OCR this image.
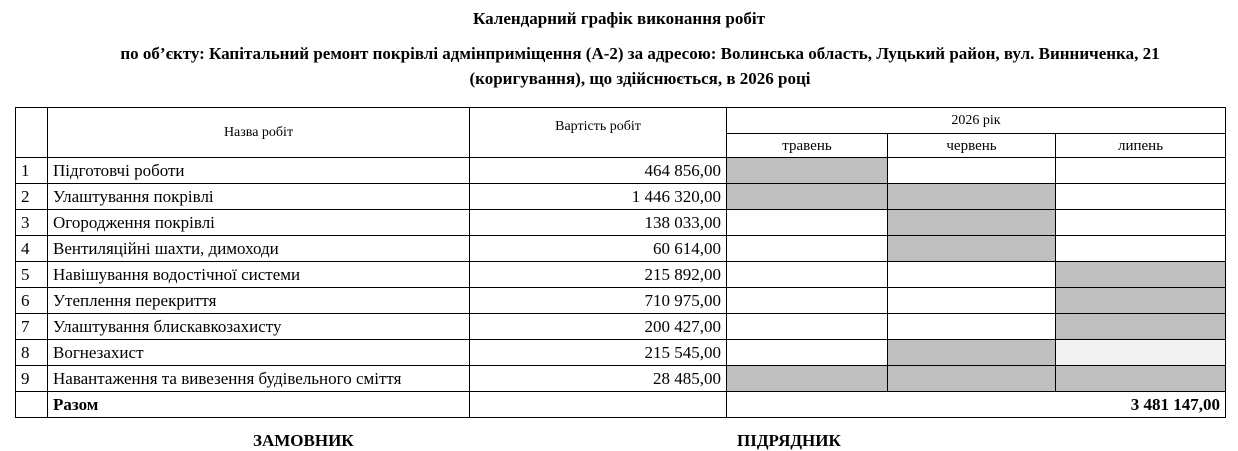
Календарний графік виконання робіт
по об’єкту: Капітальний ремонт покрівлі адмінприміщення (А-2) за адресою: Волинська область, Луцький район, вул. Винниченка, 21 (коригування), що здійснюється, в 2026 році
	Назва робіт	Вартість робіт	2026 рік		
			травень	червень	липень
1	Підготовчі роботи	464 856,00			
2	Улаштування покрівлі	1 446 320,00			
3	Огородження покрівлі	138 033,00			
4	Вентиляційні шахти, димоходи	60 614,00			
5	Навішування водостічної системи	215 892,00			
6	Утеплення перекриття	710 975,00			
7	Улаштування блискавкозахисту	200 427,00			
8	Вогнезахист	215 545,00			
9	Навантаження та вивезення будівельного сміття	28 485,00			
	Разом		3 481 147,00		
ЗАМОВНИК	ПІДРЯДНИК
